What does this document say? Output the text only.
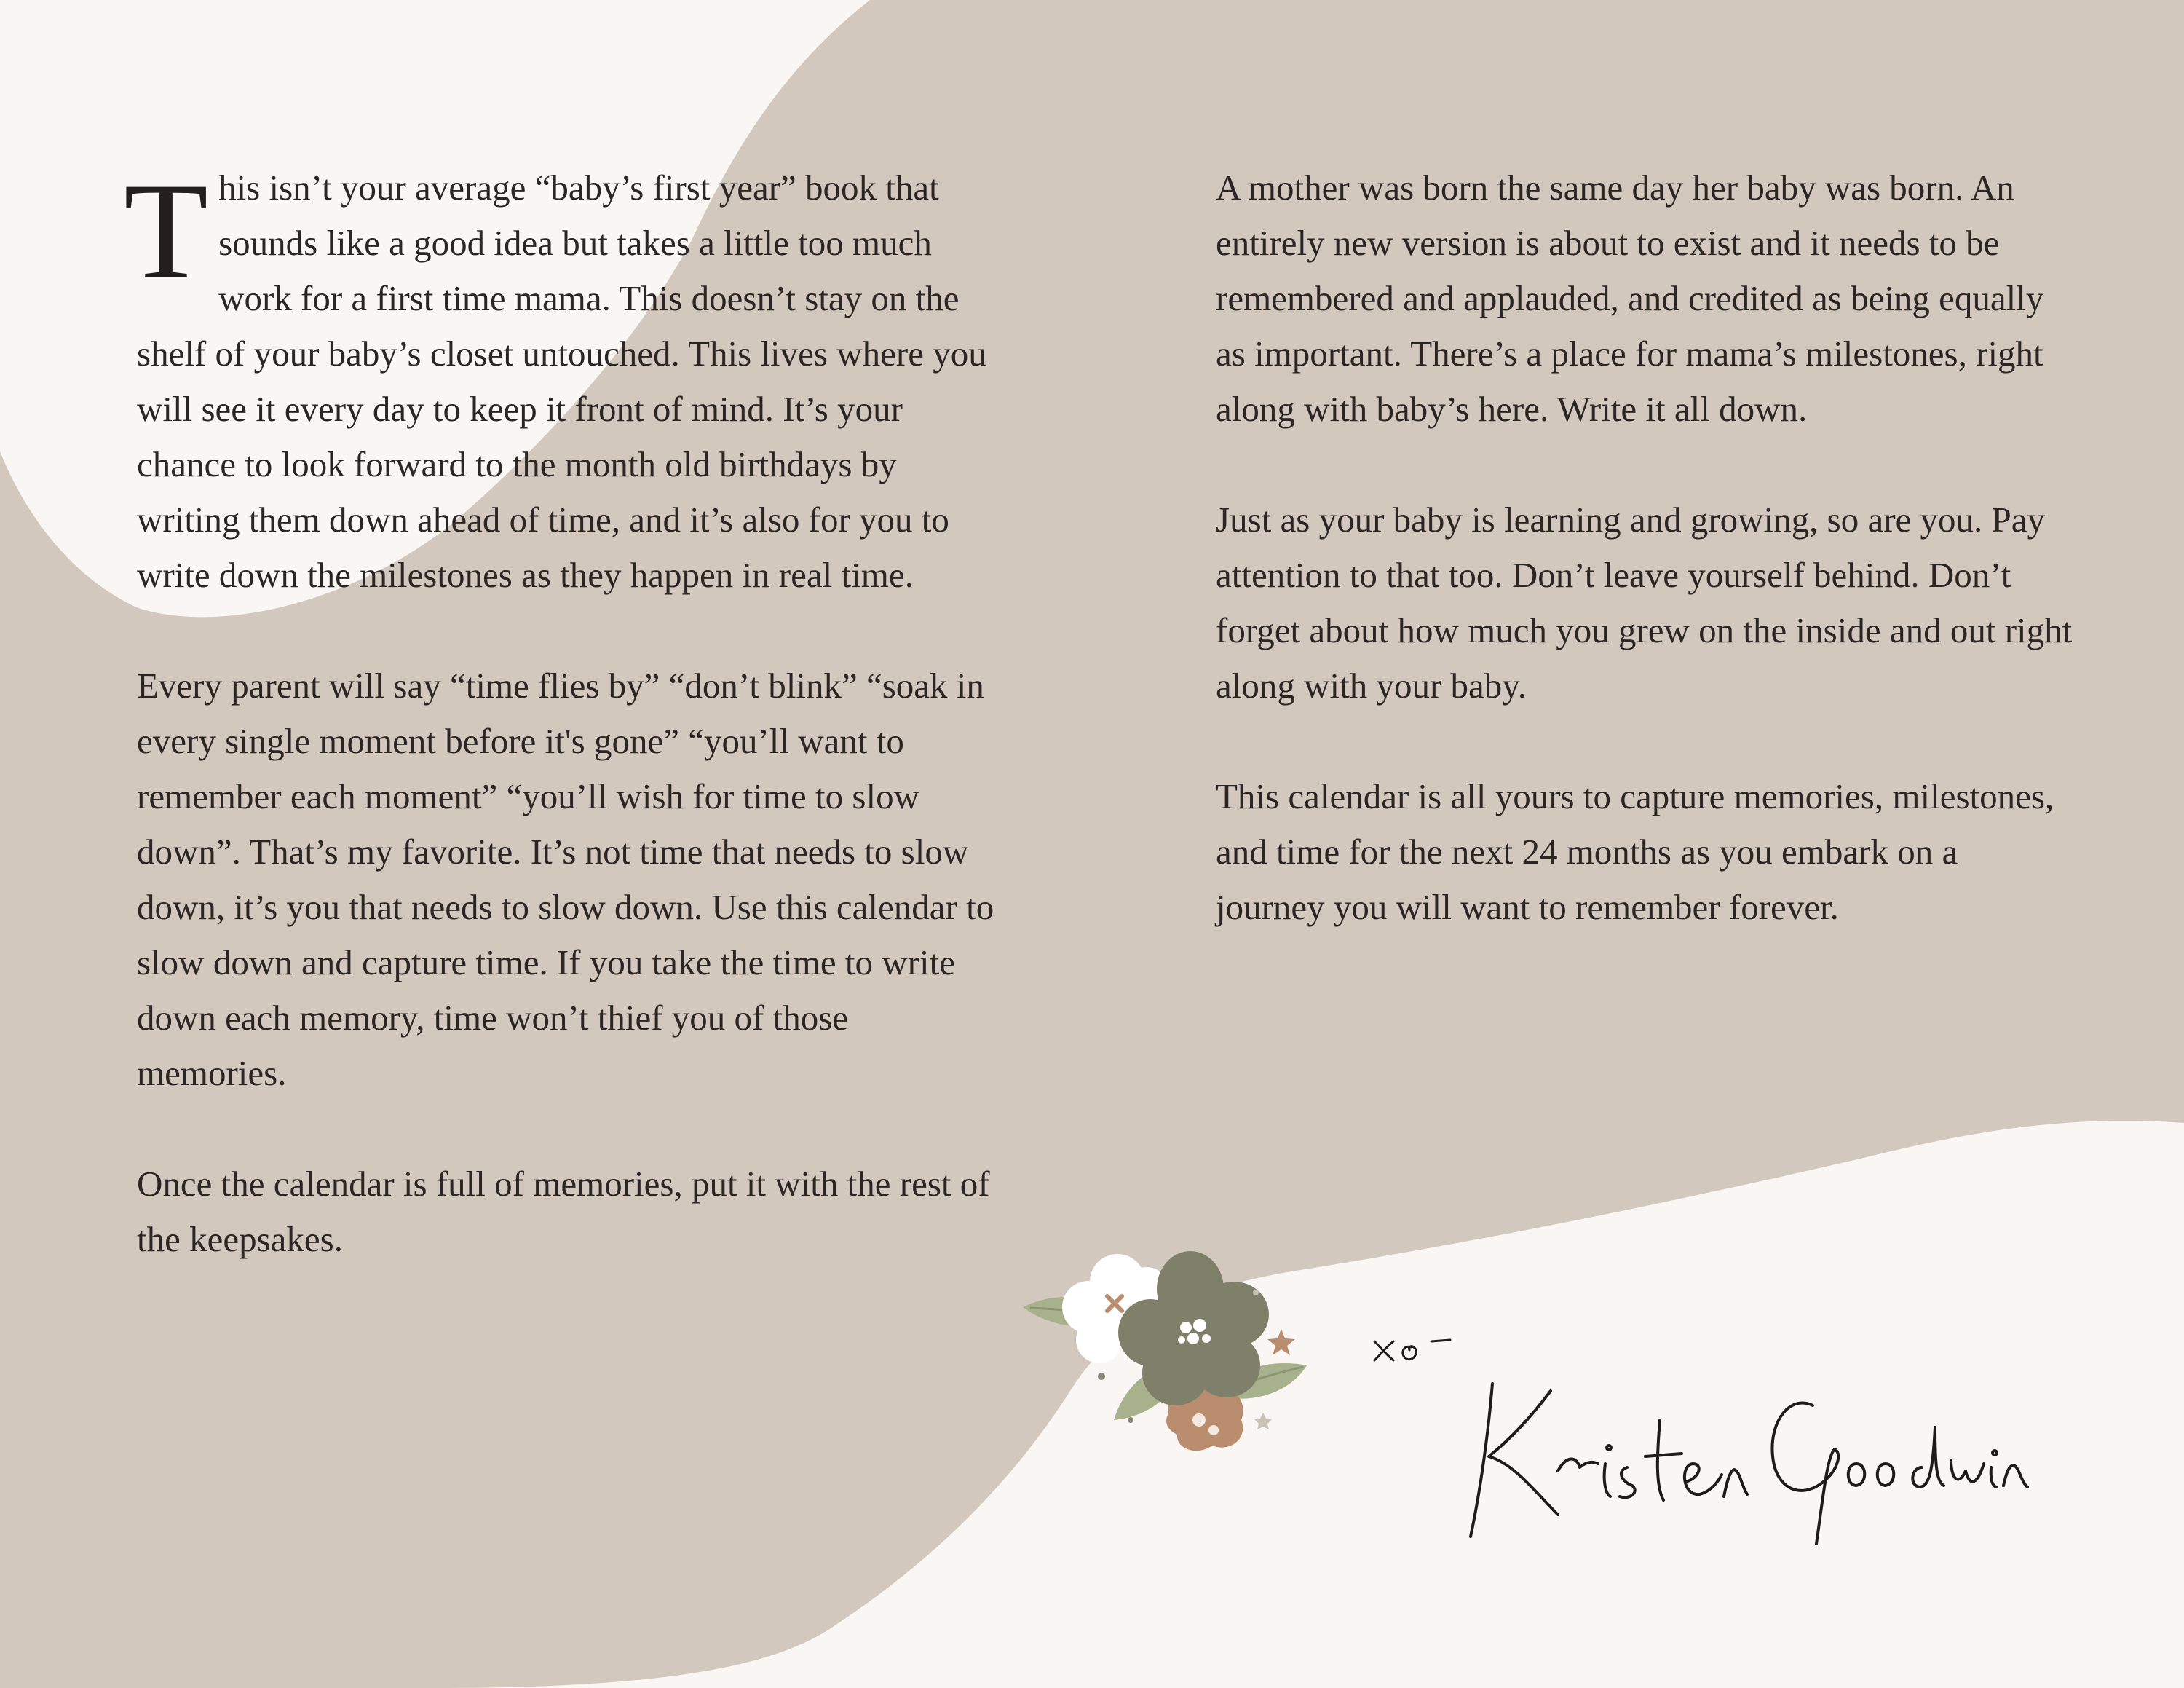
This isn’t your average “baby’s first year” book that sounds like a good idea but takes a little too much work for a first time mama. This doesn’t stay on the shelf of your baby’s closet untouched. This lives where you will see it every day to keep it front of mind. It’s your chance to look forward to the month old birthdays by writing them down ahead of time, and it’s also for you to write down the milestones as they happen in real time.

Every parent will say “time flies by” “don’t blink” “soak in every single moment before it's gone” “you’ll want to remember each moment” “you’ll wish for time to slow down”. That’s my favorite. It’s not time that needs to slow down, it’s you that needs to slow down. Use this calendar to slow down and capture time. If you take the time to write down each memory, time won’t thief you of those memories.

Once the calendar is full of memories, put it with the rest of the keepsakes.

A mother was born the same day her baby was born. An entirely new version is about to exist and it needs to be remembered and applauded, and credited as being equally as important. There’s a place for mama’s milestones, right along with baby’s here. Write it all down.

Just as your baby is learning and growing, so are you. Pay attention to that too. Don’t leave yourself behind. Don’t forget about how much you grew on the inside and out right along with your baby.

This calendar is all yours to capture memories, milestones, and time for the next 24 months as you embark on a journey you will want to remember forever.
